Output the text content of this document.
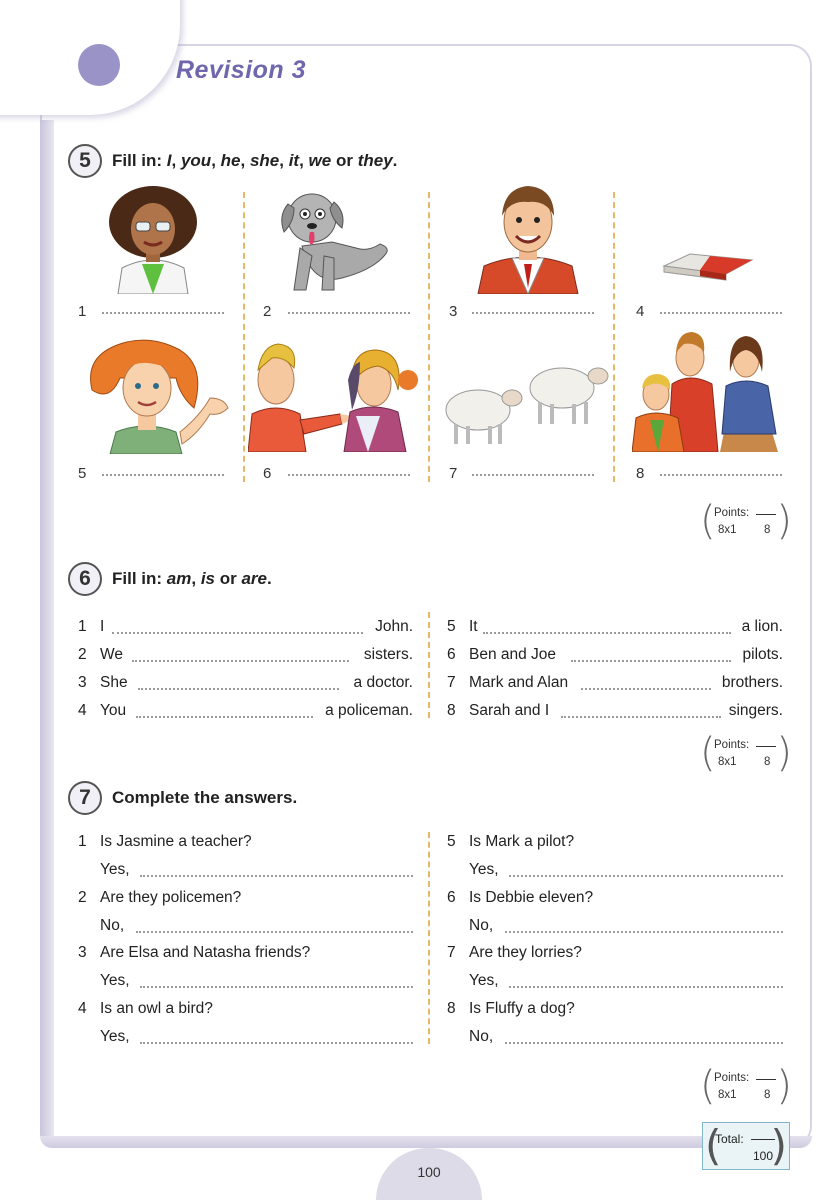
Revision 3
5	Fill in: I, you, he, she, it, we or they.
1	2	3	4
5	6	7	8
(
Points:
8x1 8 )
6	Fill in: am, is or are.
1 I	John.
2 We	sisters.
3 She	a doctor.
4 You	a policeman.
5 It	a lion.
6 Ben and Joe	pilots.
7 Mark and Alan	brothers.
8 Sarah and I	singers.
(
Points:
8x1 8 )
7	Complete the answers.
1 Is Jasmine a teacher?
Yes,
2 Are they policemen?
No,
3 Are Elsa and Natasha friends?
Yes,
4 Is an owl a bird?
Yes,
5 Is Mark a pilot?
Yes,
6 Is Debbie eleven?
No,
7 Are they lorries?
Yes,
8 Is Fluffy a dog?
No,
(
Points:
8x1 8 )
(
Total:
100
)
100
